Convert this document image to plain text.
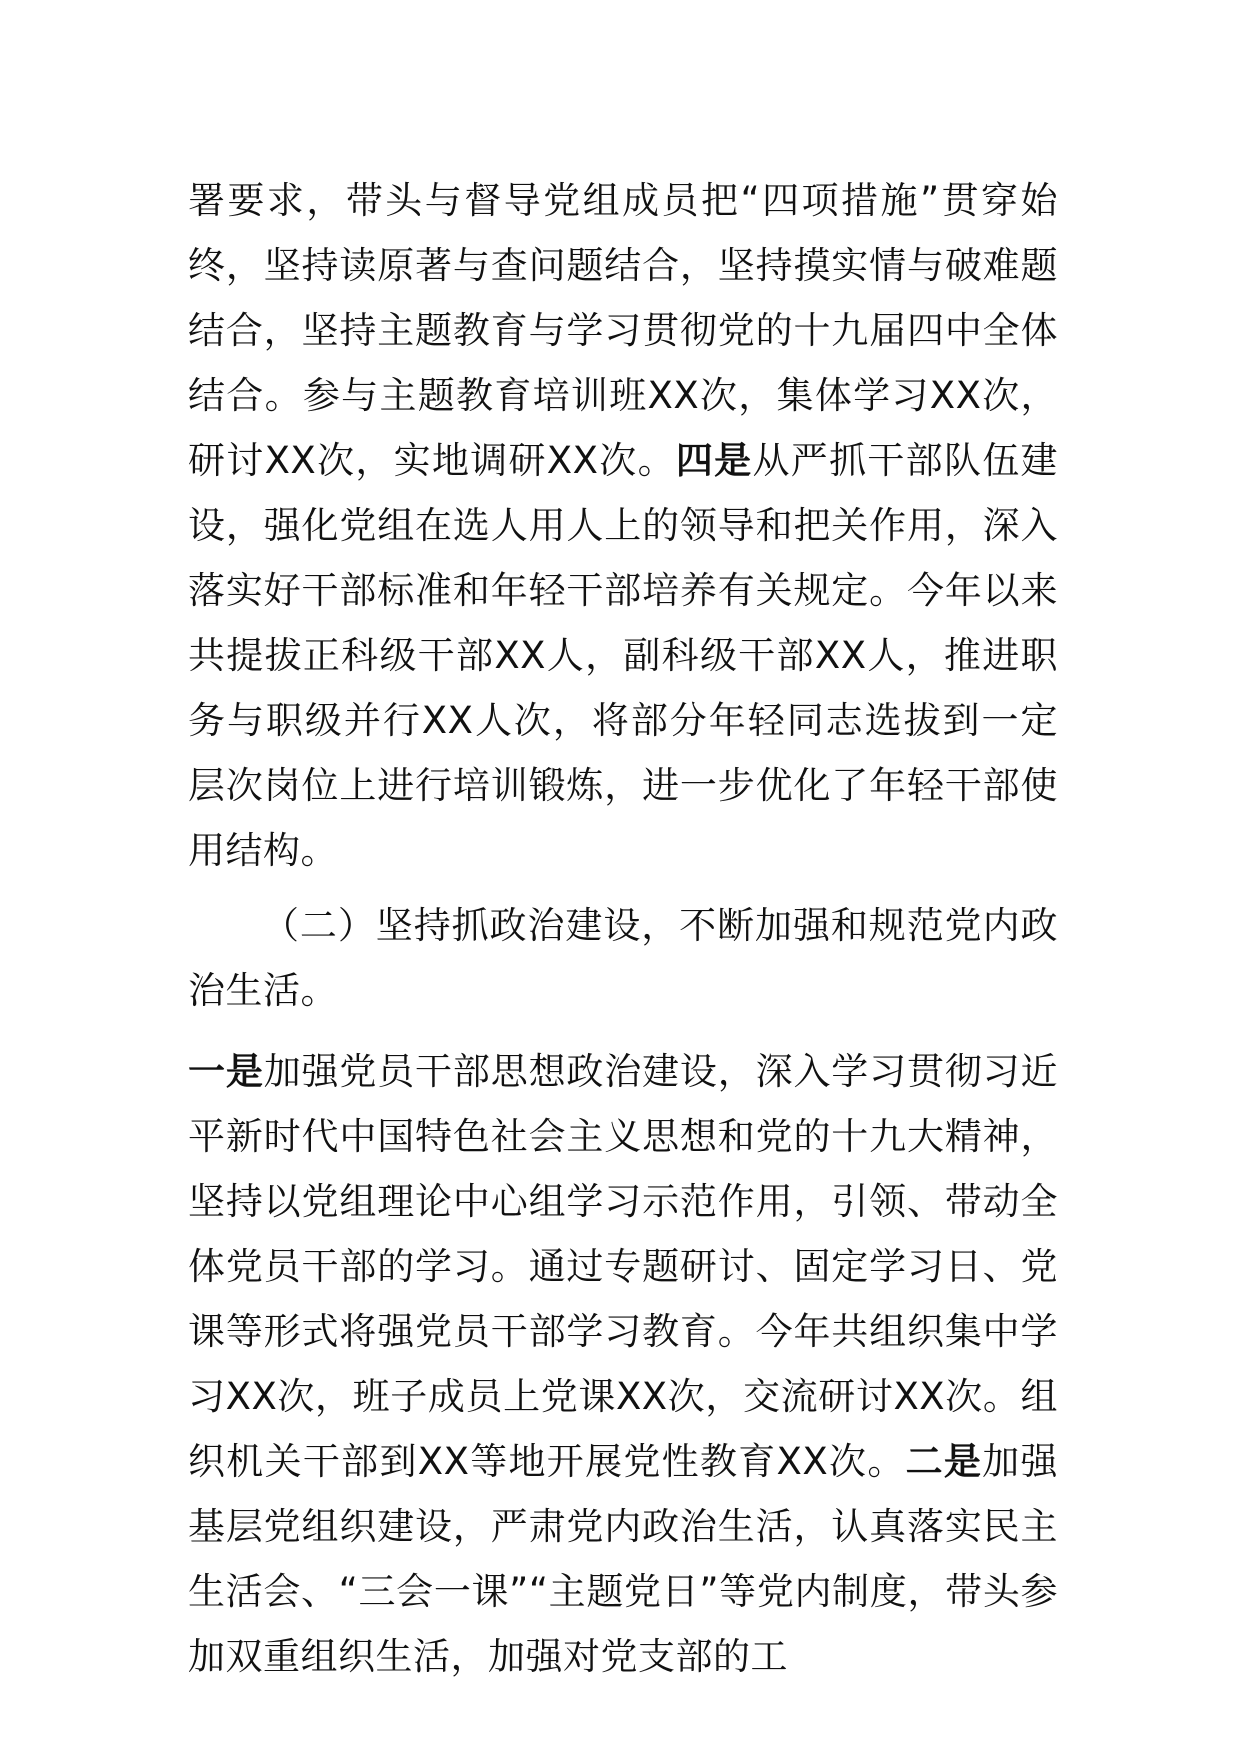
署要求，带头与督导党组成员把“四项措施”贯穿始终，坚持读原著与查问题结合，坚持摸实情与破难题结合，坚持主题教育与学习贯彻党的十九届四中全体结合。参与主题教育培训班XX次，集体学习XX次，研讨XX次，实地调研XX次。四是从严抓干部队伍建设，强化党组在选人用人上的领导和把关作用，深入落实好干部标准和年轻干部培养有关规定。今年以来共提拔正科级干部XX人，副科级干部XX人，推进职务与职级并行XX人次，将部分年轻同志选拔到一定层次岗位上进行培训锻炼，进一步优化了年轻干部使用结构。

（二）坚持抓政治建设，不断加强和规范党内政治生活。

一是加强党员干部思想政治建设，深入学习贯彻习近平新时代中国特色社会主义思想和党的十九大精神，坚持以党组理论中心组学习示范作用，引领、带动全体党员干部的学习。通过专题研讨、固定学习日、党课等形式将强党员干部学习教育。今年共组织集中学习XX次，班子成员上党课XX次，交流研讨XX次。组织机关干部到XX等地开展党性教育XX次。二是加强基层党组织建设，严肃党内政治生活，认真落实民主生活会、“三会一课”“主题党日”等党内制度，带头参加双重组织生活，加强对党支部的工
